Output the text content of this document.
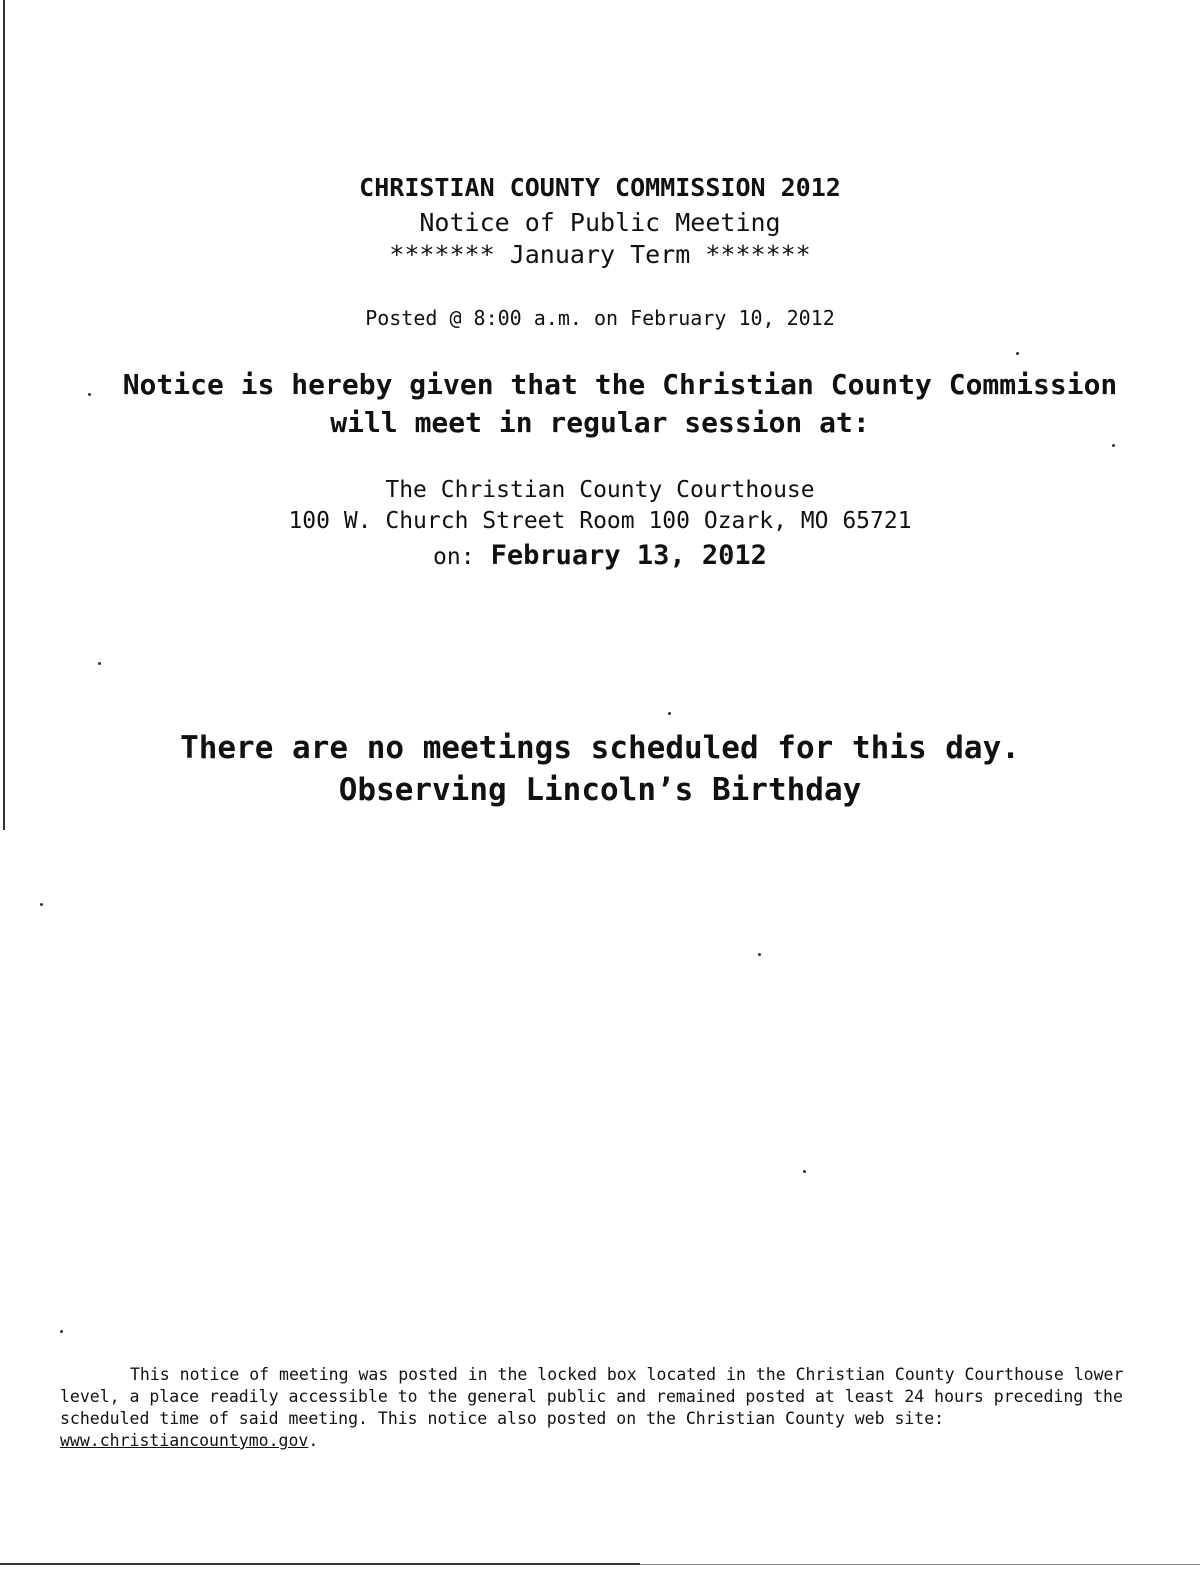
CHRISTIAN COUNTY COMMISSION 2012
Notice of Public Meeting
******* January Term *******
Posted @ 8:00 a.m. on February 10, 2012
Notice is hereby given that the Christian County Commission
will meet in regular session at:
The Christian County Courthouse
100 W. Church Street Room 100 Ozark, MO 65721
on: February 13, 2012
There are no meetings scheduled for this day.
Observing Lincoln’s Birthday
This notice of meeting was posted in the locked box located in the Christian County Courthouse lower level, a place readily accessible to the general public and remained posted at least 24 hours preceding the scheduled time of said meeting. This notice also posted on the Christian County web site: www.christiancountymo.gov.
